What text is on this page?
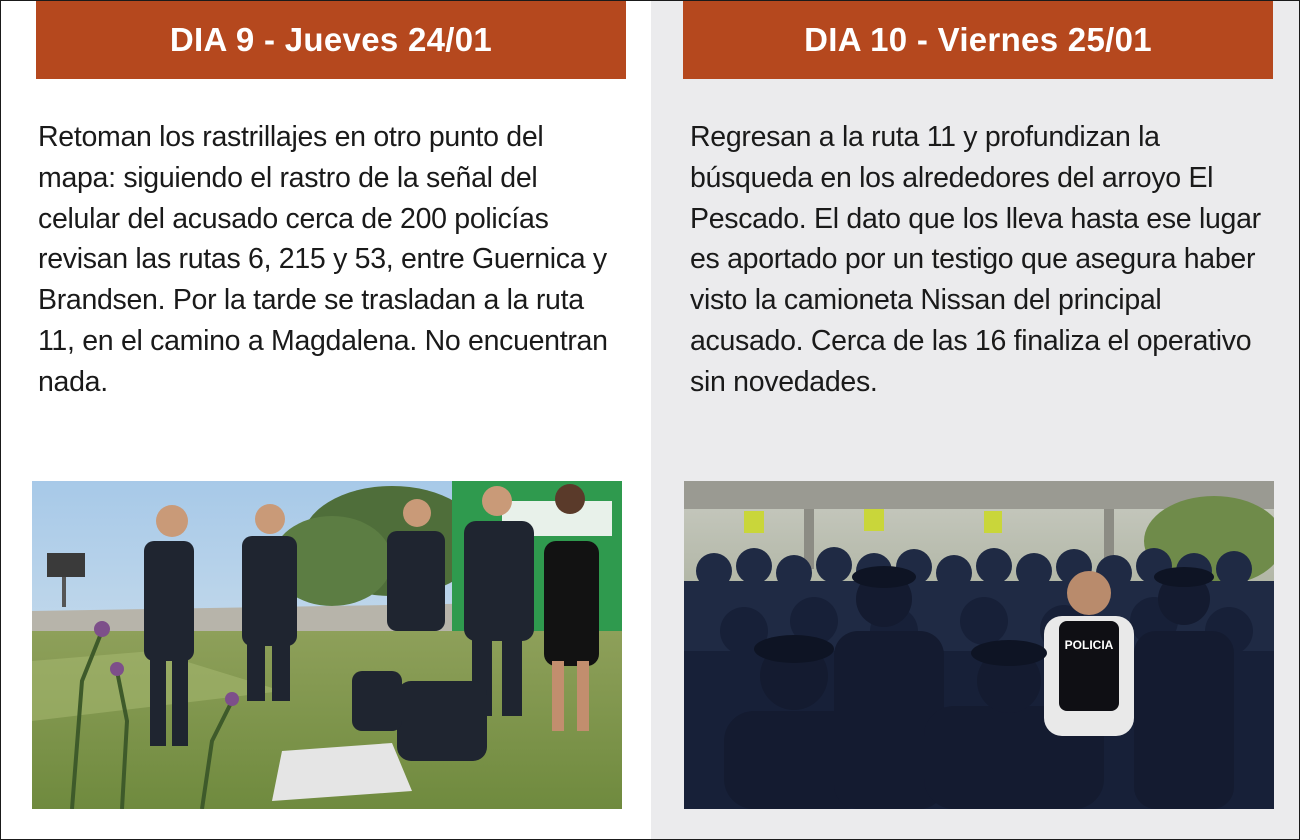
DIA 9 - Jueves 24/01

Retoman los rastrillajes en otro punto del mapa: siguiendo el rastro de la señal del celular del acusado cerca de 200 policías revisan las rutas 6, 215 y 53, entre Guernica y Brandsen. Por la tarde se trasladan a la ruta 11, en el camino a Magdalena. No encuentran nada.

DIA 10 - Viernes 25/01

Regresan a la ruta 11 y profundizan la búsqueda en los alrededores del arroyo El Pescado. El dato que los lleva hasta ese lugar es aportado por un testigo que asegura haber visto la camioneta Nissan del principal acusado. Cerca de las 16 finaliza el operativo sin novedades.

POLICIA
